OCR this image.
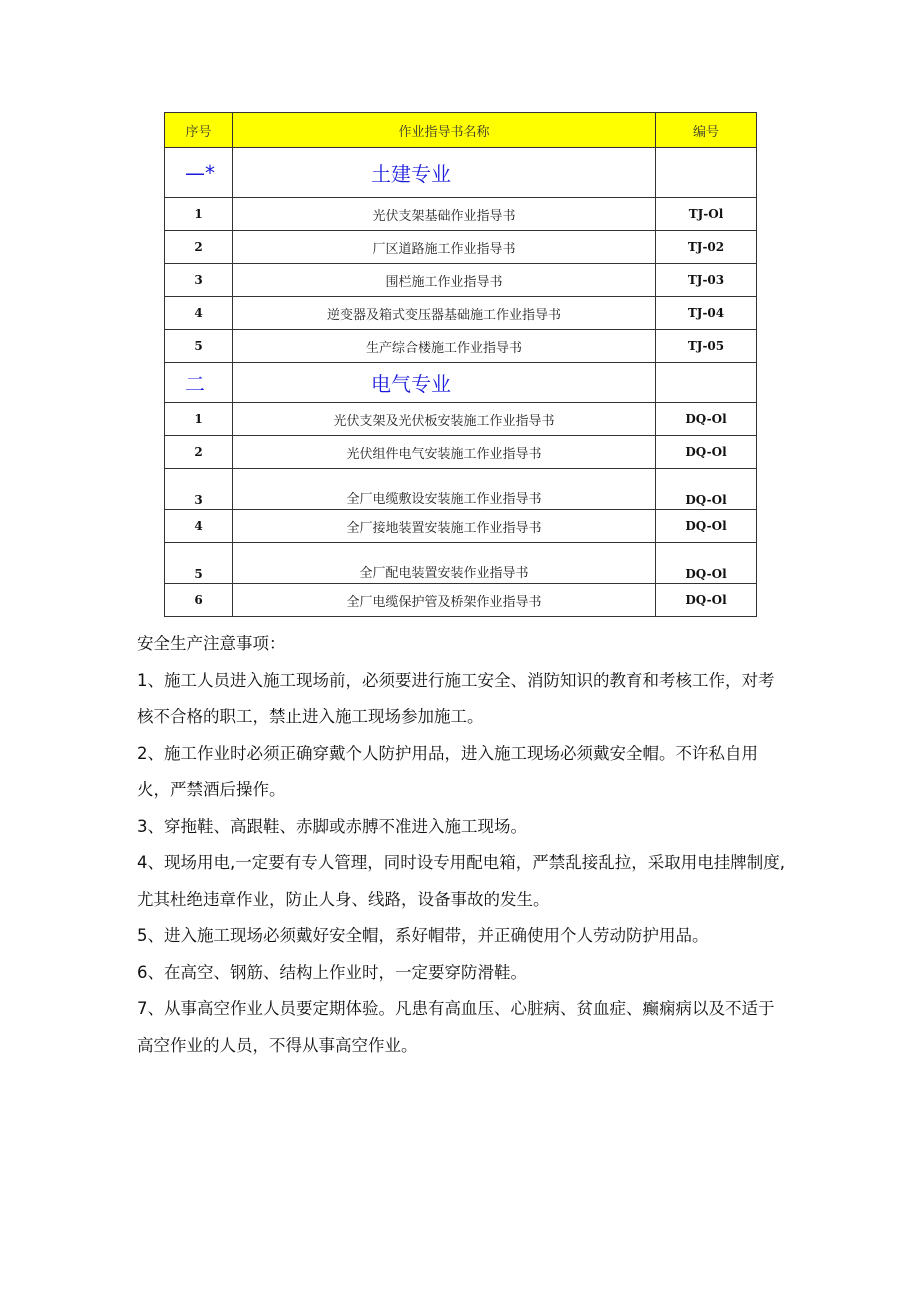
序号	作业指导书名称	编号
—*	土建专业	
1	光伏支架基础作业指导书	TJ-Ol
2	厂区道路施工作业指导书	TJ-02
3	围栏施工作业指导书	TJ-03
4	逆变器及箱式变压器基础施工作业指导书	TJ-04
5	生产综合楼施工作业指导书	TJ-05
二	电气专业	
1	光伏支架及光伏板安装施工作业指导书	DQ-Ol
2	光伏组件电气安装施工作业指导书	DQ-Ol
3	全厂电缆敷设安装施工作业指导书	DQ-Ol
4	全厂接地装置安装施工作业指导书	DQ-Ol
5	全厂配电装置安装作业指导书	DQ-Ol
6	全厂电缆保护管及桥架作业指导书	DQ-Ol

安全生产注意事项：

1、施工人员进入施工现场前，必须要进行施工安全、消防知识的教育和考核工作，对考核不合格的职工，禁止进入施工现场参加施工。

2、施工作业时必须正确穿戴个人防护用品，进入施工现场必须戴安全帽。不许私自用火，严禁酒后操作。

3、穿拖鞋、高跟鞋、赤脚或赤膊不准进入施工现场。

4、现场用电,一定要有专人管理，同时设专用配电箱，严禁乱接乱拉，采取用电挂牌制度,尤其杜绝违章作业，防止人身、线路，设备事故的发生。

5、进入施工现场必须戴好安全帽，系好帽带，并正确使用个人劳动防护用品。

6、在高空、钢筋、结构上作业时，一定要穿防滑鞋。

7、从事高空作业人员要定期体验。凡患有高血压、心脏病、贫血症、癫痫病以及不适于高空作业的人员，不得从事高空作业。
